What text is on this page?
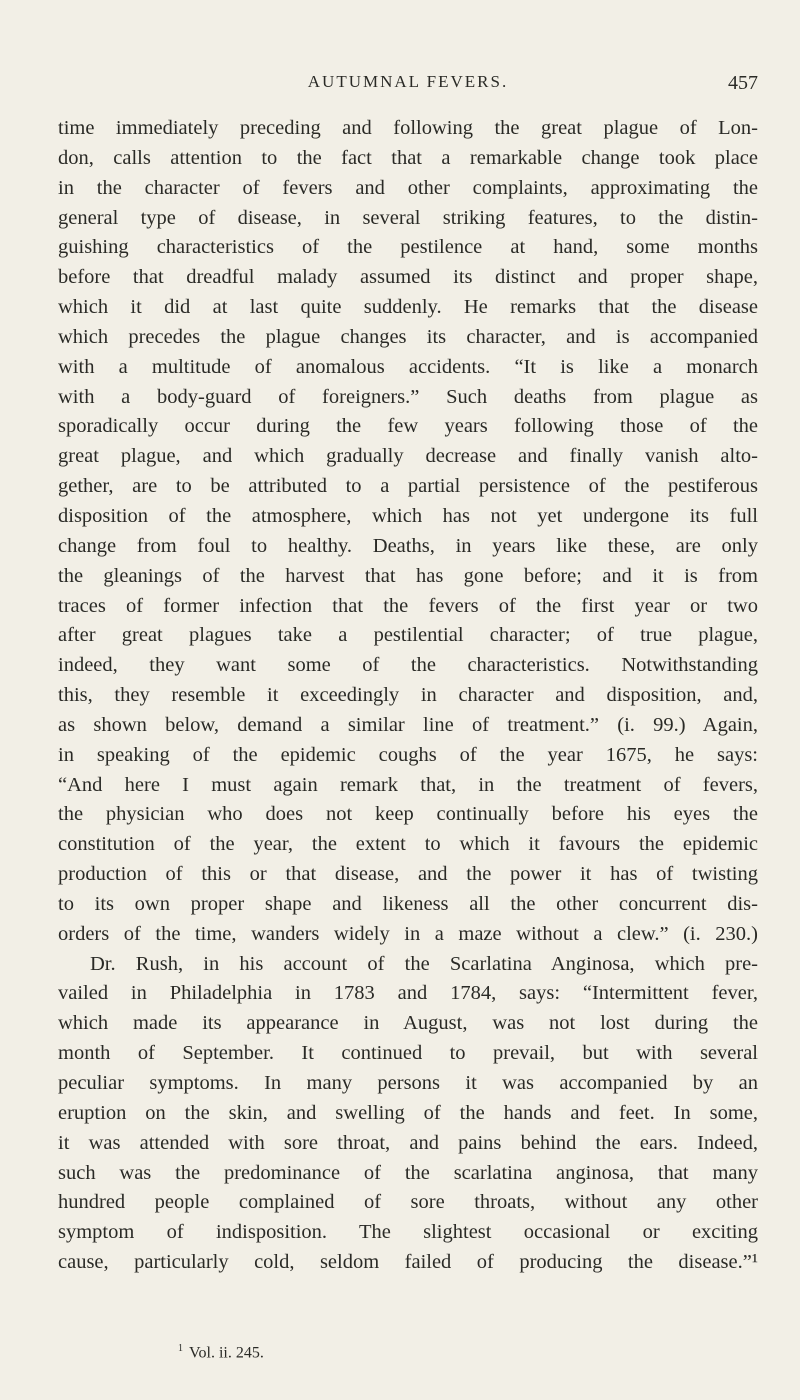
AUTUMNAL FEVERS.	457
time immediately preceding and following the great plague of Lon-
don, calls attention to the fact that a remarkable change took place
in the character of fevers and other complaints, approximating the
general type of disease, in several striking features, to the distin-
guishing characteristics of the pestilence at hand, some months
before that dreadful malady assumed its distinct and proper shape,
which it did at last quite suddenly. He remarks that the disease
which precedes the plague changes its character, and is accompanied
with a multitude of anomalous accidents. “It is like a monarch
with a body-guard of foreigners.” Such deaths from plague as
sporadically occur during the few years following those of the
great plague, and which gradually decrease and finally vanish alto-
gether, are to be attributed to a partial persistence of the pestiferous
disposition of the atmosphere, which has not yet undergone its full
change from foul to healthy. Deaths, in years like these, are only
the gleanings of the harvest that has gone before; and it is from
traces of former infection that the fevers of the first year or two
after great plagues take a pestilential character; of true plague,
indeed, they want some of the characteristics. Notwithstanding
this, they resemble it exceedingly in character and disposition, and,
as shown below, demand a similar line of treatment.” (i. 99.) Again,
in speaking of the epidemic coughs of the year 1675, he says:
“And here I must again remark that, in the treatment of fevers,
the physician who does not keep continually before his eyes the
constitution of the year, the extent to which it favours the epidemic
production of this or that disease, and the power it has of twisting
to its own proper shape and likeness all the other concurrent dis-
orders of the time, wanders widely in a maze without a clew.” (i. 230.)
Dr. Rush, in his account of the Scarlatina Anginosa, which pre-
vailed in Philadelphia in 1783 and 1784, says: “Intermittent fever,
which made its appearance in August, was not lost during the
month of September. It continued to prevail, but with several
peculiar symptoms. In many persons it was accompanied by an
eruption on the skin, and swelling of the hands and feet. In some,
it was attended with sore throat, and pains behind the ears. Indeed,
such was the predominance of the scarlatina anginosa, that many
hundred people complained of sore throats, without any other
symptom of indisposition. The slightest occasional or exciting
cause, particularly cold, seldom failed of producing the disease.”¹
$^1$ Vol. ii. 245.
